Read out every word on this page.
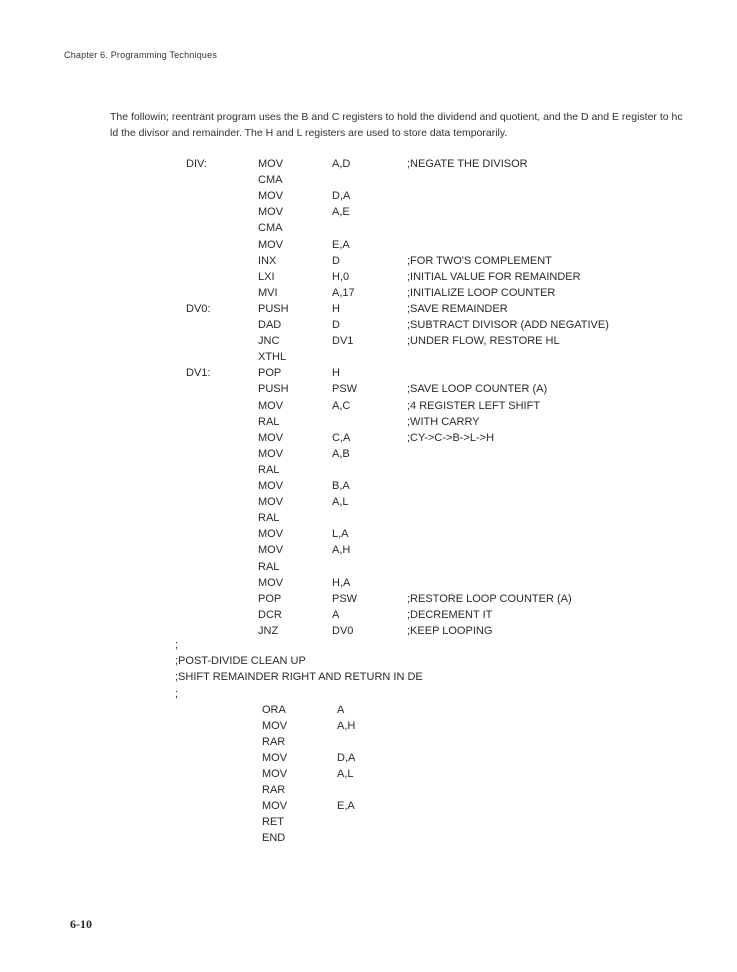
Chapter 6. Programming Techniques
The followin; reentrant program uses the B and C registers to hold the dividend and quotient, and the D and E register to hc ld the divisor and remainder. The H and L registers are used to store data temporarily.
DIV:	MOV	A,D	;NEGATE THE DIVISOR
CMA
MOV	D,A
MOV	A,E
CMA
MOV	E,A
INX	D	;FOR TWO'S COMPLEMENT
LXI	H,0	;INITIAL VALUE FOR REMAINDER
MVI	A,17	;INITIALIZE LOOP COUNTER
DV0:	PUSH	H	;SAVE REMAINDER
DAD	D	;SUBTRACT DIVISOR (ADD NEGATIVE)
JNC	DV1	;UNDER FLOW, RESTORE HL
XTHL
DV1:	POP	H
PUSH	PSW	;SAVE LOOP COUNTER (A)
MOV	A,C	;4 REGISTER LEFT SHIFT
RAL	;WITH CARRY
MOV	C,A	;CY->C->B->L->H
MOV	A,B
RAL
MOV	B,A
MOV	A,L
RAL
MOV	L,A
MOV	A,H
RAL
MOV	H,A
POP	PSW	;RESTORE LOOP COUNTER (A)
DCR	A	;DECREMENT IT
JNZ	DV0	;KEEP LOOPING
;
;POST-DIVIDE CLEAN UP
;SHIFT REMAINDER RIGHT AND RETURN IN DE
;
ORA	A
MOV	A,H
RAR
MOV	D,A
MOV	A,L
RAR
MOV	E,A
RET
END
6-10
